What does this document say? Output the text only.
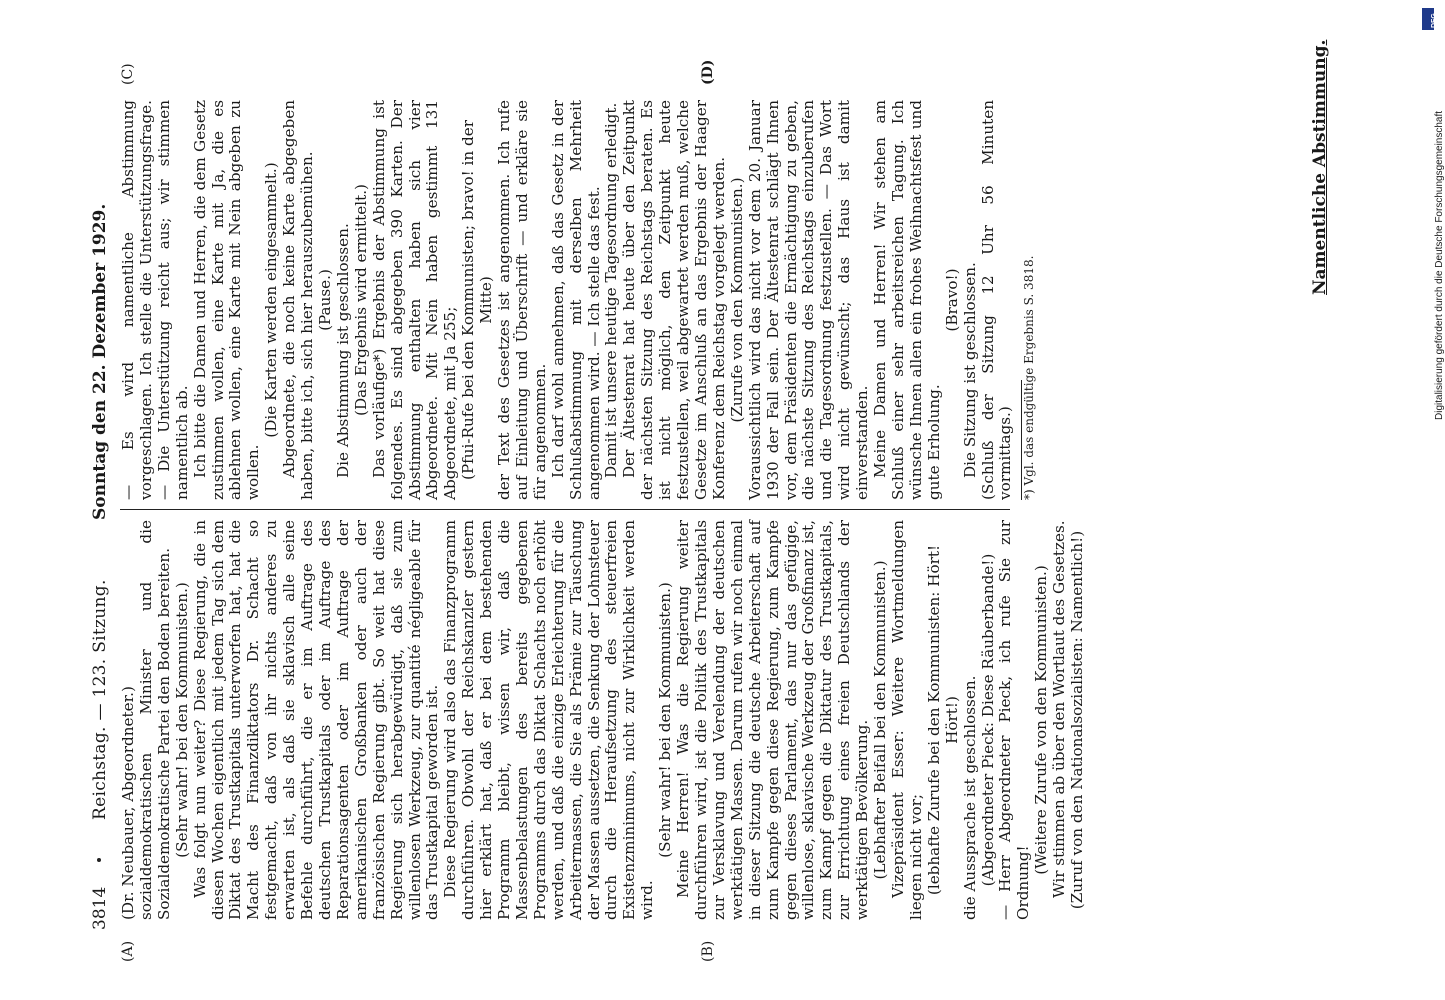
3814
Reichstag. — 123. Sitzung.
Sonntag den 22. Dezember 1929.
(A)	(B)
(C)	(D)

(Dr. Neubauer, Abgeordneter.) sozialdemokratischen Minister und die Sozialdemokratische Partei den Boden bereiten. (Sehr wahr! bei den Kommunisten.) Was folgt nun weiter? Diese Regierung, die in diesen Wochen eigentlich mit jedem Tag sich dem Diktat des Trustkapitals unterworfen hat, hat die Macht des Finanzdiktators Dr. Schacht so festgemacht, daß von ihr nichts anderes zu erwarten ist, als daß sie sklavisch alle seine Befehle durchführt, die er im Auftrage des deutschen Trustkapitals oder im Auftrage des Reparationsagenten oder im Auftrage der amerikanischen Großbanken oder auch der französischen Regierung gibt. So weit hat diese Regierung sich herabgewürdigt, daß sie zum willenlosen Werkzeug, zur quantité négligeable für das Trustkapital geworden ist. Diese Regierung wird also das Finanzprogramm durchführen. Obwohl der Reichskanzler gestern hier erklärt hat, daß er bei dem bestehenden Programm bleibt, wissen wir, daß die Massenbelastungen des bereits gegebenen Programms durch das Diktat Schachts noch erhöht werden, und daß die einzige Erleichterung für die Arbeitermassen, die Sie als Prämie zur Täuschung der Massen aussetzen, die Senkung der Lohnsteuer durch die Heraufsetzung des steuerfreien Existenzminimums, nicht zur Wirklichkeit werden wird.

(Sehr wahr! bei den Kommunisten.) Meine Herren! Was die Regierung weiter durchführen wird, ist die Politik des Trustkapitals zur Versklavung und Verelendung der deutschen werktätigen Massen. Darum rufen wir noch einmal in dieser Sitzung die deutsche Arbeiterschaft auf zum Kampfe gegen diese Regierung, zum Kampfe gegen dieses Parlament, das nur das gefügige, willenlose, sklavische Werkzeug der Großfinanz ist, zum Kampf gegen die Diktatur des Trustkapitals, zur Errichtung eines freien Deutschlands der werktätigen Bevölkerung. (Lebhafter Beifall bei den Kommunisten.) Vizepräsident Esser: Weitere Wortmeldungen liegen nicht vor; (lebhafte Zurufe bei den Kommunisten: Hört! Hört!) die Aussprache ist geschlossen. (Abgeordneter Pieck: Diese Räuberbande!) — Herr Abgeordneter Pieck, ich rufe Sie zur Ordnung!

(Weitere Zurufe von den Kommunisten.) Wir stimmen ab über den Wortlaut des Gesetzes. (Zuruf von den Nationalsozialisten: Namentlich!)

— Es wird namentliche Abstimmung vorgeschlagen. Ich stelle die Unterstützungsfrage. — Die Unterstützung reicht aus; wir stimmen namentlich ab. Ich bitte die Damen und Herren, die dem Gesetz zustimmen wollen, eine Karte mit Ja, die es ablehnen wollen, eine Karte mit Nein abgeben zu wollen.

(Die Karten werden eingesammelt.) Abgeordnete, die noch keine Karte abgegeben haben, bitte ich, sich hier herauszubemühen. (Pause.) Die Abstimmung ist geschlossen. (Das Ergebnis wird ermittelt.) Das vorläufige*) Ergebnis der Abstimmung ist folgendes. Es sind abgegeben 390 Karten. Der Abstimmung enthalten haben sich vier Abgeordnete. Mit Nein haben gestimmt 131 Abgeordnete, mit Ja 255; (Pfui-Rufe bei den Kommunisten; bravo! in der Mitte) der Text des Gesetzes ist angenommen. Ich rufe auf Einleitung und Überschrift — und erkläre sie für angenommen. Ich darf wohl annehmen, daß das Gesetz in der Schlußabstimmung mit derselben Mehrheit angenommen wird. — Ich stelle das fest. Damit ist unsere heutige Tagesordnung erledigt. Der Ältestenrat hat heute über den Zeitpunkt der nächsten Sitzung des Reichstags beraten. Es ist nicht möglich, den Zeitpunkt heute festzustellen, weil abgewartet werden muß, welche Gesetze im Anschluß an das Ergebnis der Haager Konferenz dem Reichstag vorgelegt werden. (Zurufe von den Kommunisten.) Voraussichtlich wird das nicht vor dem 20. Januar 1930 der Fall sein. Der Ältestenrat schlägt Ihnen vor, dem Präsidenten die Ermächtigung zu geben, die nächste Sitzung des Reichstags einzuberufen und die Tagesordnung festzustellen. — Das Wort wird nicht gewünscht; das Haus ist damit einverstanden. Meine Damen und Herren! Wir stehen am Schluß einer sehr arbeitsreichen Tagung. Ich wünsche Ihnen allen ein frohes Weihnachtsfest und gute Erholung.

(Bravo!) Die Sitzung ist geschlossen. (Schluß der Sitzung 12 Uhr 56 Minuten vormittags.) *) Vgl. das endgültige Ergebnis S. 3818.

Namentliche Abstimmung.
DFG
Digitalisierung gefördert durch die Deutsche Forschungsgemeinschaft
